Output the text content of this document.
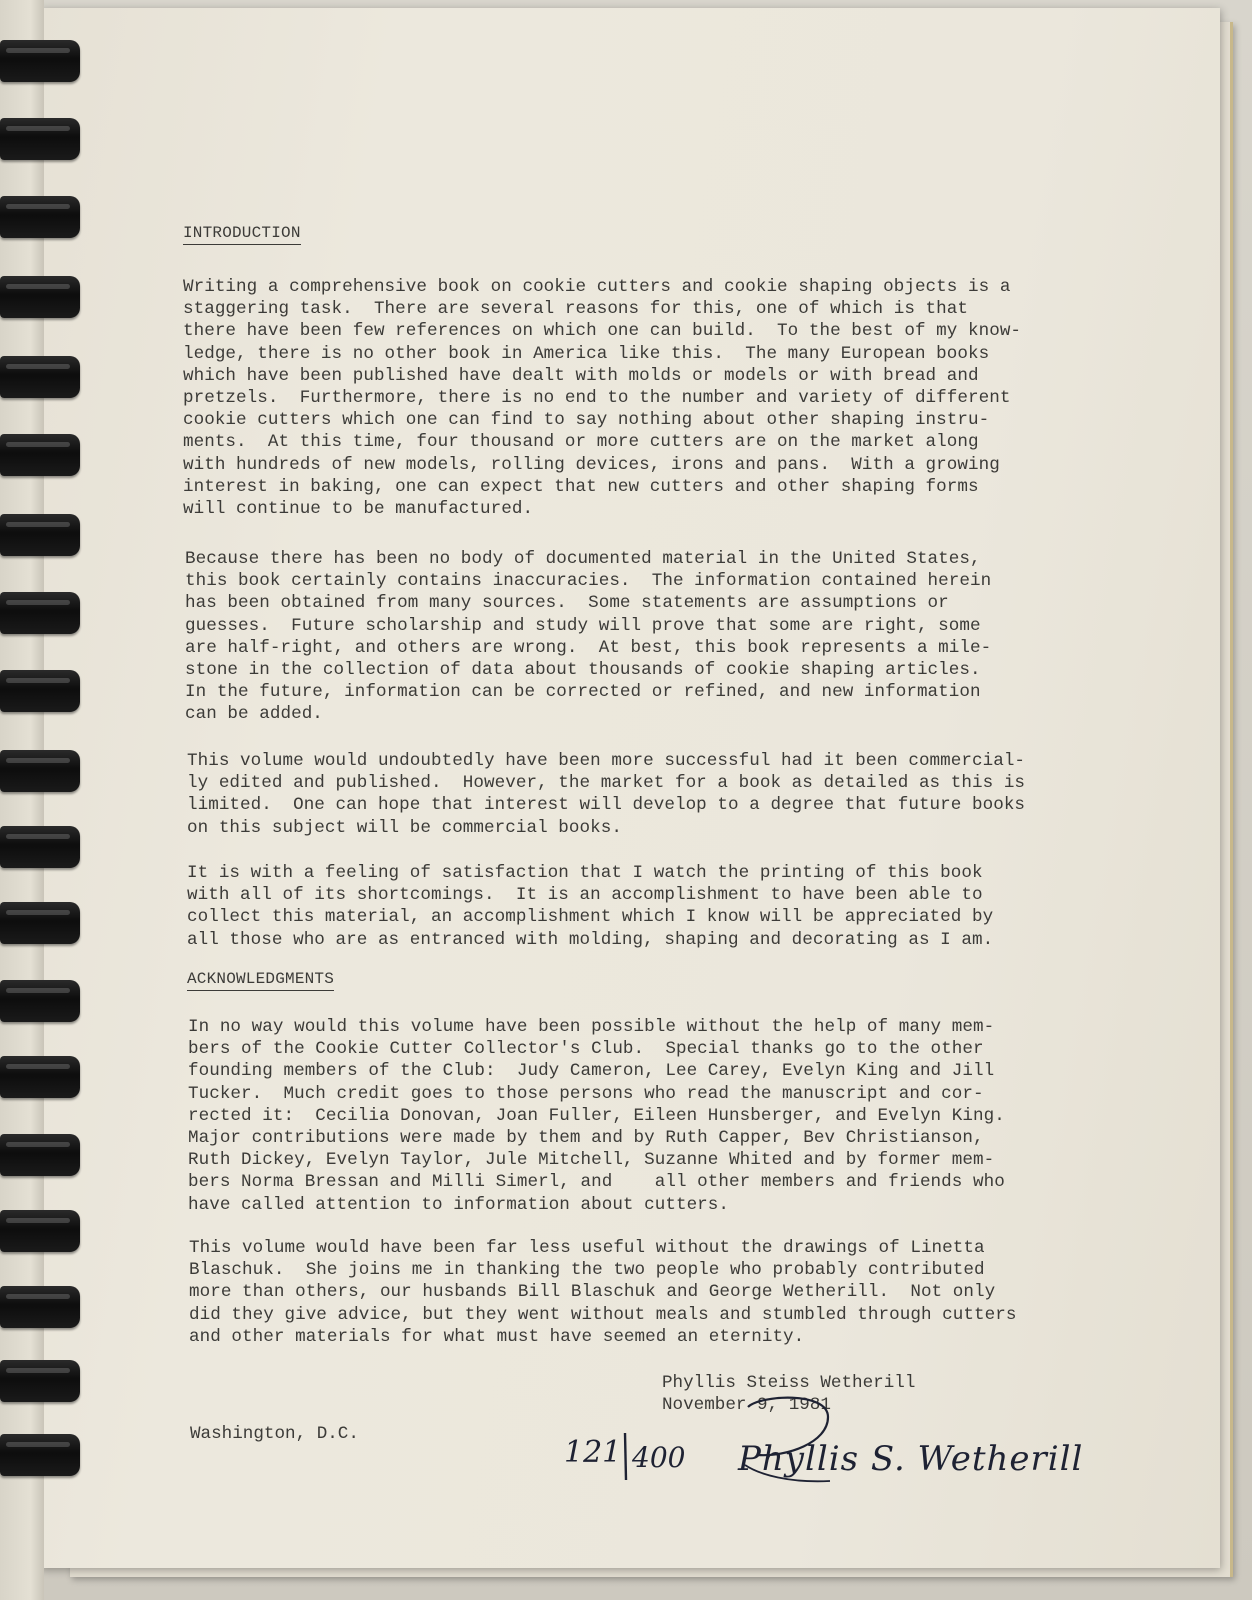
INTRODUCTION
Writing a comprehensive book on cookie cutters and cookie shaping objects is a
staggering task.  There are several reasons for this, one of which is that
there have been few references on which one can build.  To the best of my know-
ledge, there is no other book in America like this.  The many European books
which have been published have dealt with molds or models or with bread and
pretzels.  Furthermore, there is no end to the number and variety of different
cookie cutters which one can find to say nothing about other shaping instru-
ments.  At this time, four thousand or more cutters are on the market along
with hundreds of new models, rolling devices, irons and pans.  With a growing
interest in baking, one can expect that new cutters and other shaping forms
will continue to be manufactured.
Because there has been no body of documented material in the United States,
this book certainly contains inaccuracies.  The information contained herein
has been obtained from many sources.  Some statements are assumptions or
guesses.  Future scholarship and study will prove that some are right, some
are half-right, and others are wrong.  At best, this book represents a mile-
stone in the collection of data about thousands of cookie shaping articles.
In the future, information can be corrected or refined, and new information
can be added.
This volume would undoubtedly have been more successful had it been commercial-
ly edited and published.  However, the market for a book as detailed as this is
limited.  One can hope that interest will develop to a degree that future books
on this subject will be commercial books.
It is with a feeling of satisfaction that I watch the printing of this book
with all of its shortcomings.  It is an accomplishment to have been able to
collect this material, an accomplishment which I know will be appreciated by
all those who are as entranced with molding, shaping and decorating as I am.
ACKNOWLEDGMENTS
In no way would this volume have been possible without the help of many mem-
bers of the Cookie Cutter Collector's Club.  Special thanks go to the other
founding members of the Club:  Judy Cameron, Lee Carey, Evelyn King and Jill
Tucker.  Much credit goes to those persons who read the manuscript and cor-
rected it:  Cecilia Donovan, Joan Fuller, Eileen Hunsberger, and Evelyn King.
Major contributions were made by them and by Ruth Capper, Bev Christianson,
Ruth Dickey, Evelyn Taylor, Jule Mitchell, Suzanne Whited and by former mem-
bers Norma Bressan and Milli Simerl, and    all other members and friends who
have called attention to information about cutters.
This volume would have been far less useful without the drawings of Linetta
Blaschuk.  She joins me in thanking the two people who probably contributed
more than others, our husbands Bill Blaschuk and George Wetherill.  Not only
did they give advice, but they went without meals and stumbled through cutters
and other materials for what must have seemed an eternity.
Phyllis Steiss Wetherill
November 9, 1981
Washington, D.C.
121 400 Phyllis S. Wetherill
